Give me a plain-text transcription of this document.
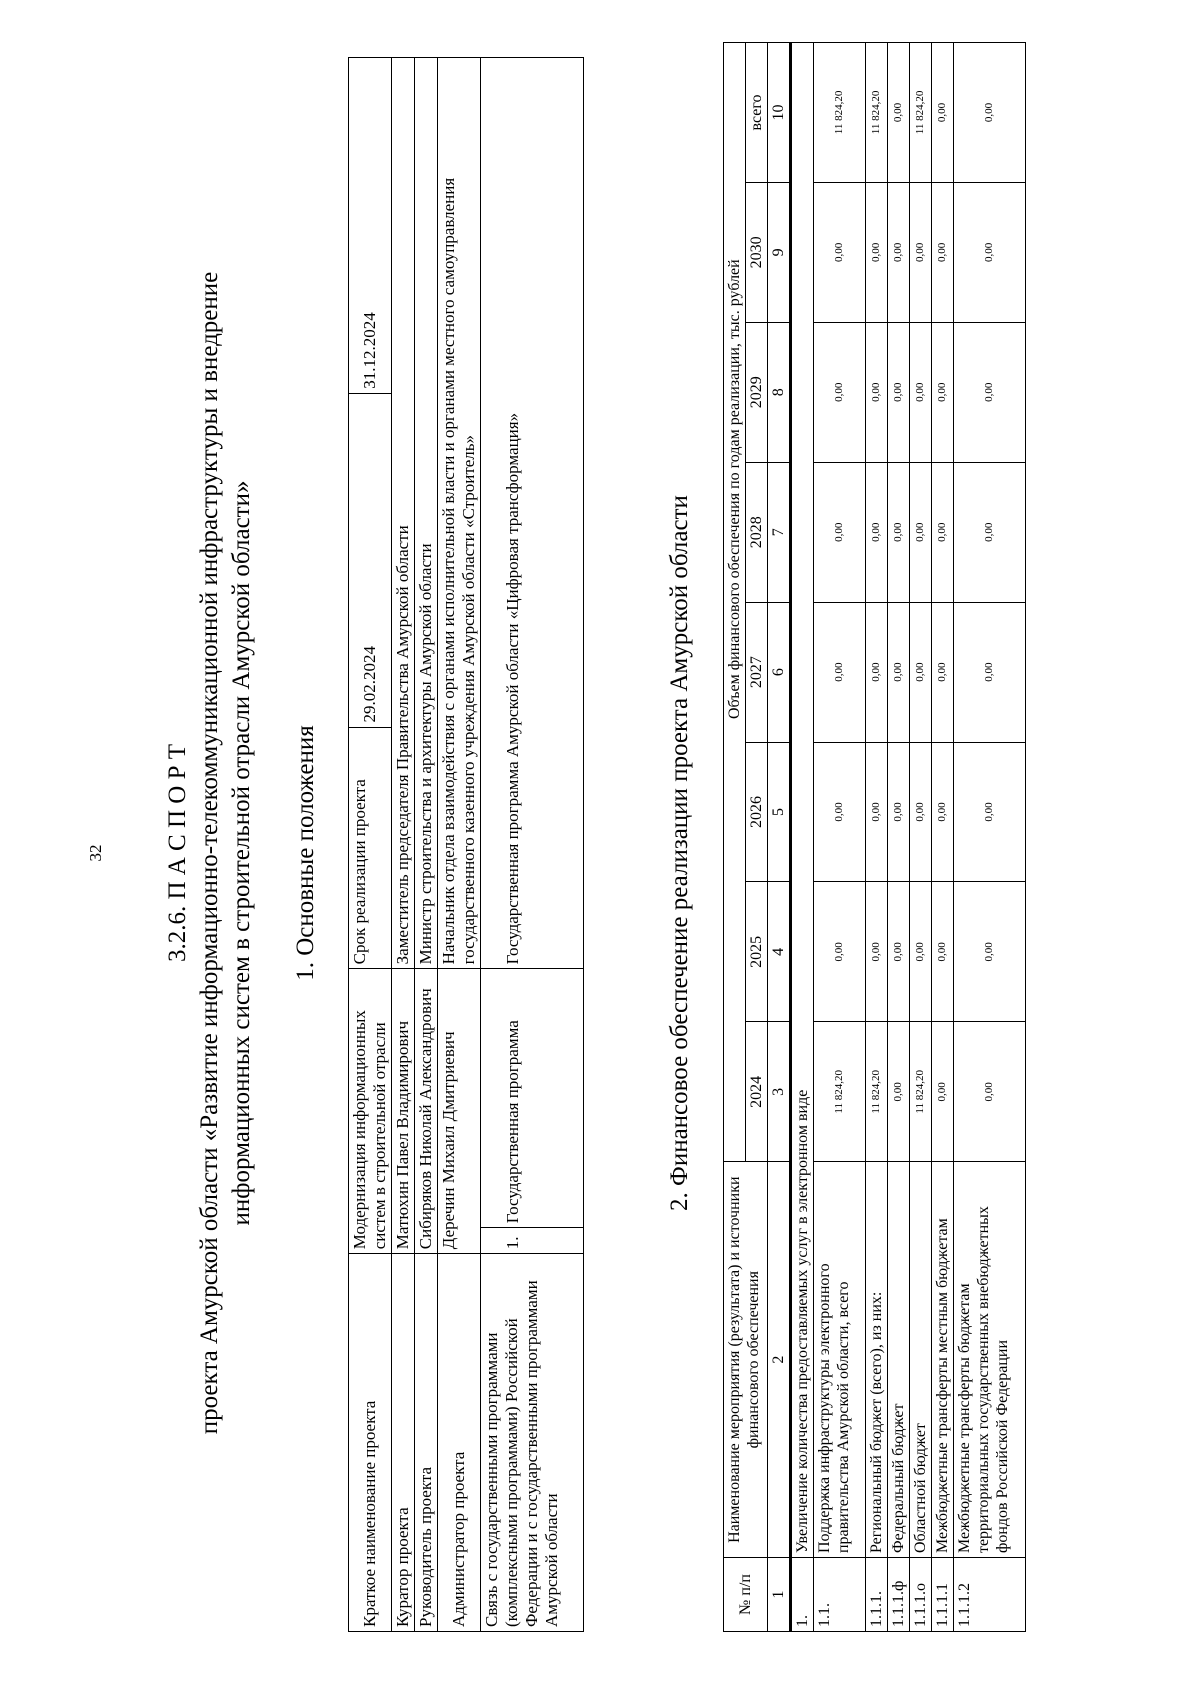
32 3.2.6. П А С П О Р Т проекта Амурской области «Развитие информационно-телекоммуникационной инфраструктуры и внедрение информационных систем в строительной отрасли Амурской области» 1. Основные положения
Краткое наименование проекта	Модернизация информационных систем в строительной отрасли		Срок реализации проекта	29.02.2024	31.12.2024
Куратор проекта	Матюхин Павел Владимирович		Заместитель председателя Правительства Амурской области		
Руководитель проекта	Сибиряков Николай Александрович		Министр строительства и архитектуры Амурской области		
Администратор проекта	Деречин Михаил Дмитриевич		Начальник отдела взаимодействия с органами исполнительной власти и органами местного самоуправления государственного казенного учреждения Амурской области «Строитель»		
Связь с государственными программами (комплексными программами) Российской Федерации и с государственными программами Амурской области	1.	Государственная программа	Государственная программа Амурской области «Цифровая трансформация»			2. Финансовое обеспечение реализации проекта Амурской области
№ п/п	Наименование мероприятия (результата) и источники финансового обеспечения	Объем финансового обеспечения по годам реализации, тыс. рублей							
		2024	2025	2026	2027	2028	2029	2030	всего
1	2	3	4	5	6	7	8	9	10
1.	Увеличение количества предоставляемых услуг в электронном виде								
1.1.	Поддержка инфраструктуры электронного правительства Амурской области, всего	11 824,20	0,00	0,00	0,00	0,00	0,00	0,00	11 824,20
1.1.1.	Региональный бюджет (всего), из них:	11 824,20	0,00	0,00	0,00	0,00	0,00	0,00	11 824,20
1.1.1.ф	Федеральный бюджет	0,00	0,00	0,00	0,00	0,00	0,00	0,00	0,00
1.1.1.о	Областной бюджет	11 824,20	0,00	0,00	0,00	0,00	0,00	0,00	11 824,20
1.1.1.1	Межбюджетные трансферты местным бюджетам	0,00	0,00	0,00	0,00	0,00	0,00	0,00	0,00
1.1.1.2	Межбюджетные трансферты бюджетам территориальных государственных внебюджетных фондов Российской Федерации	0,00	0,00	0,00	0,00	0,00	0,00	0,00	0,00
